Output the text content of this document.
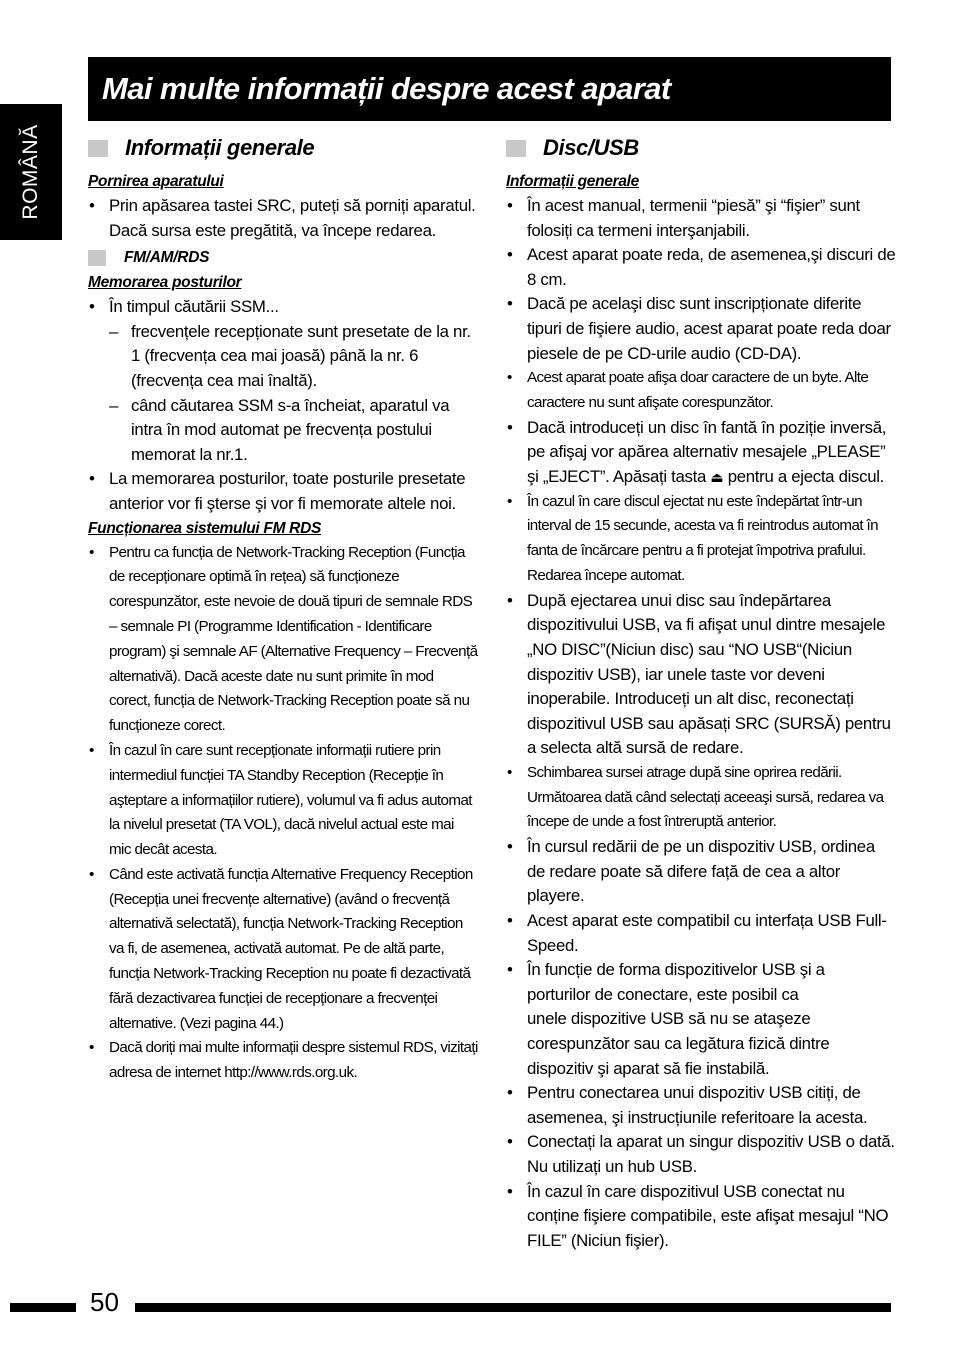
Mai multe informații despre acest aparat
ROMÂNĂ	Informații generale
Pornirea aparatului
• Prin apăsarea tastei SRC, puteți să porniți aparatul. Dacă sursa este pregătită, va începe redarea.
FM/AM/RDS
Memorarea posturilor
• În timpul căutării SSM...
– frecvențele recepționate sunt presetate de la nr. 1 (frecvența cea mai joasă) până la nr. 6 (frecvența cea mai înaltă).
– când căutarea SSM s-a încheiat, aparatul va intra în mod automat pe frecvența postului memorat la nr.1.
• La memorarea posturilor, toate posturile presetate anterior vor fi şterse şi vor fi memorate altele noi.
Funcționarea sistemului FM RDS
• Pentru ca funcția de Network-Tracking Reception (Funcția de recepționare optimă în rețea) să funcționeze corespunzător, este nevoie de două tipuri de semnale RDS – semnale PI (Programme Identification - Identificare program) şi semnale AF (Alternative Frequency – Frecvență alternativă). Dacă aceste date nu sunt primite în mod corect, funcția de Network-Tracking Reception poate să nu funcționeze corect.
• În cazul în care sunt recepționate informații rutiere prin intermediul funcției TA Standby Reception (Recepție în aşteptare a informațiilor rutiere), volumul va fi adus automat la nivelul presetat (TA VOL), dacă nivelul actual este mai mic decât acesta.
• Când este activată funcția Alternative Frequency Reception (Recepția unei frecvențe alternative) (având o frecvență alternativă selectată), funcția Network-Tracking Reception va fi, de asemenea, activată automat. Pe de altă parte, funcția Network-Tracking Reception nu poate fi dezactivată fără dezactivarea funcției de recepționare a frecvenței alternative. (Vezi pagina 44.)
• Dacă doriți mai multe informații despre sistemul RDS, vizitați adresa de internet http://www.rds.org.uk.
Disc/USB
Informații generale
• În acest manual, termenii “piesă” şi “fişier” sunt folosiți ca termeni interşanjabili.
• Acest aparat poate reda, de asemenea,şi discuri de 8 cm.
• Dacă pe acelaşi disc sunt inscripționate diferite tipuri de fişiere audio, acest aparat poate reda doar piesele de pe CD-urile audio (CD-DA).
• Acest aparat poate afişa doar caractere de un byte. Alte caractere nu sunt afişate corespunzător.
• Dacă introduceți un disc în fantă în poziție inversă, pe afişaj vor apărea alternativ mesajele „PLEASE” şi „EJECT”. Apăsați tasta ⏏ pentru a ejecta discul.
• În cazul în care discul ejectat nu este îndepărtat într-un interval de 15 secunde, acesta va fi reintrodus automat în fanta de încărcare pentru a fi protejat împotriva prafului. Redarea începe automat.
• După ejectarea unui disc sau îndepărtarea dispozitivului USB, va fi afişat unul dintre mesajele „NO DISC”(Niciun disc) sau “NO USB“(Niciun dispozitiv USB), iar unele taste vor deveni inoperabile. Introduceți un alt disc, reconectați dispozitivul USB sau apăsați SRC (SURSĂ) pentru a selecta altă sursă de redare.
• Schimbarea sursei atrage după sine oprirea redării. Următoarea dată când selectați aceeaşi sursă, redarea va începe de unde a fost întreruptă anterior.
• În cursul redării de pe un dispozitiv USB, ordinea de redare poate să difere față de cea a altor playere.
• Acest aparat este compatibil cu interfața USB Full-Speed.
• În funcție de forma dispozitivelor USB şi a porturilor de conectare, este posibil ca unele dispozitive USB să nu se ataşeze corespunzător sau ca legătura fizică dintre dispozitiv şi aparat să fie instabilă.
• Pentru conectarea unui dispozitiv USB citiți, de asemenea, şi instrucțiunile referitoare la acesta.
• Conectați la aparat un singur dispozitiv USB o dată. Nu utilizați un hub USB.
• În cazul în care dispozitivul USB conectat nu conține fişiere compatibile, este afişat mesajul “NO FILE” (Niciun fişier).
50
